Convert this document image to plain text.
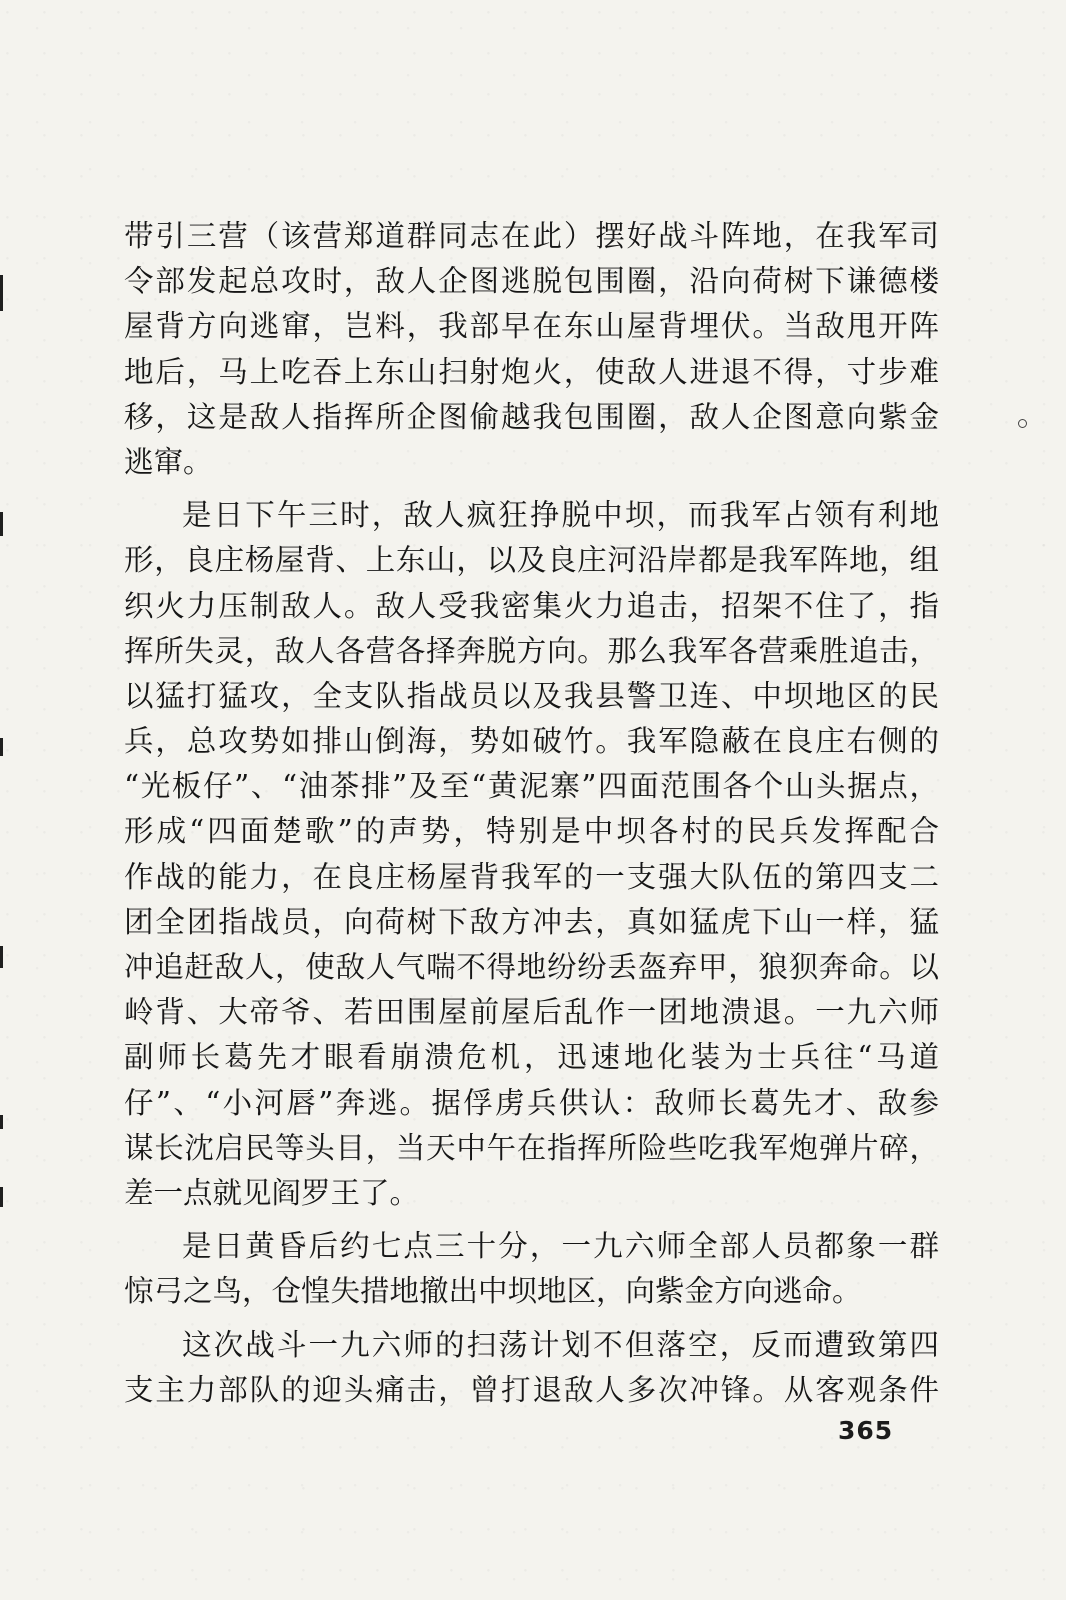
带引三营（该营郑道群同志在此）摆好战斗阵地，在我军司
令部发起总攻时，敌人企图逃脱包围圈，沿向荷树下谦德楼
屋背方向逃窜，岂料，我部早在东山屋背埋伏。当敌甩开阵
地后，马上吃吞上东山扫射炮火，使敌人进退不得，寸步难
移，这是敌人指挥所企图偷越我包围圈，敌人企图意向紫金
逃窜。
是日下午三时，敌人疯狂挣脱中坝，而我军占领有利地
形，良庄杨屋背、上东山，以及良庄河沿岸都是我军阵地，组
织火力压制敌人。敌人受我密集火力追击，招架不住了，指
挥所失灵，敌人各营各择奔脱方向。那么我军各营乘胜追击，
以猛打猛攻，全支队指战员以及我县警卫连、中坝地区的民
兵，总攻势如排山倒海，势如破竹。我军隐蔽在良庄右侧的
“光板仔”、“油茶排”及至“黄泥寨”四面范围各个山头据点，
形成“四面楚歌”的声势，特别是中坝各村的民兵发挥配合
作战的能力，在良庄杨屋背我军的一支强大队伍的第四支二
团全团指战员，向荷树下敌方冲去，真如猛虎下山一样，猛
冲追赶敌人，使敌人气喘不得地纷纷丢盔弃甲，狼狈奔命。以
岭背、大帝爷、若田围屋前屋后乱作一团地溃退。一九六师
副师长葛先才眼看崩溃危机，迅速地化装为士兵往“马道
仔”、“小河唇”奔逃。据俘虏兵供认：敌师长葛先才、敌参
谋长沈启民等头目，当天中午在指挥所险些吃我军炮弹片碎，
差一点就见阎罗王了。
是日黄昏后约七点三十分，一九六师全部人员都象一群
惊弓之鸟，仓惶失措地撤出中坝地区，向紫金方向逃命。
这次战斗一九六师的扫荡计划不但落空，反而遭致第四
支主力部队的迎头痛击，曾打退敌人多次冲锋。从客观条件
365
